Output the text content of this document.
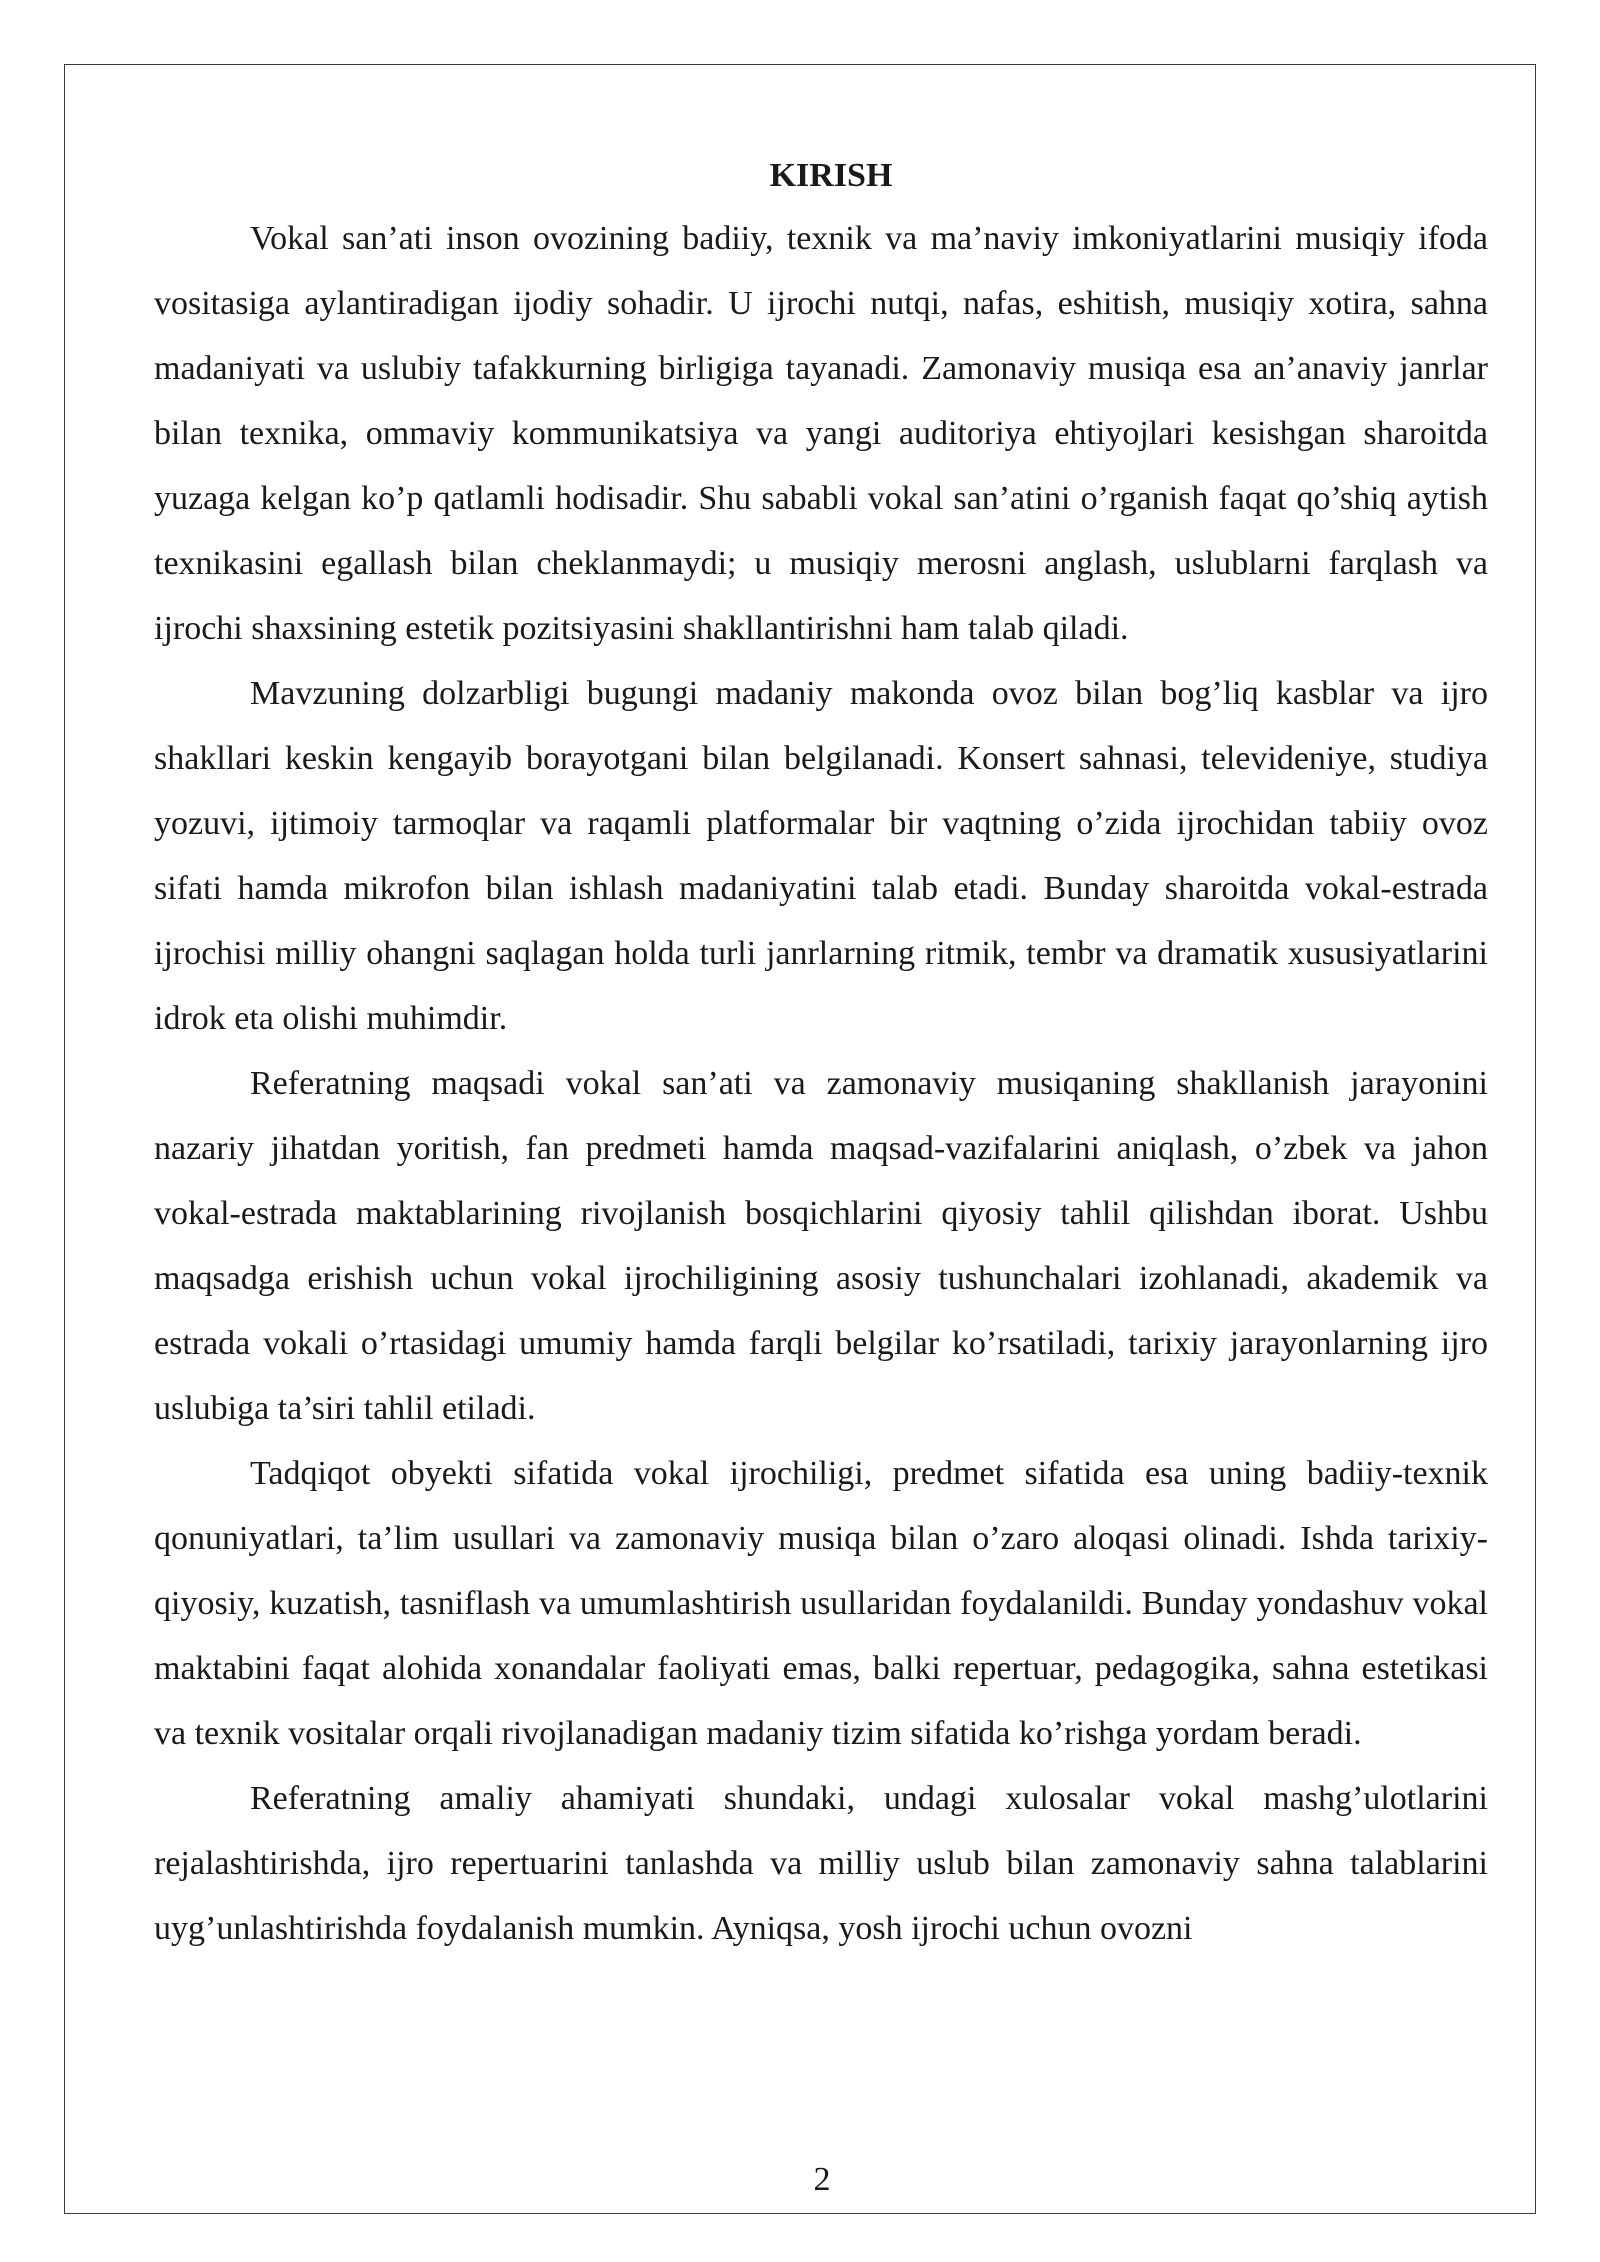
KIRISH

Vokal san’ati inson ovozining badiiy, texnik va ma’naviy imkoniyatlarini musiqiy ifoda vositasiga aylantiradigan ijodiy sohadir. U ijrochi nutqi, nafas, eshitish, musiqiy xotira, sahna madaniyati va uslubiy tafakkurning birligiga tayanadi. Zamonaviy musiqa esa an’anaviy janrlar bilan texnika, ommaviy kommunikatsiya va yangi auditoriya ehtiyojlari kesishgan sharoitda yuzaga kelgan ko’p qatlamli hodisadir. Shu sababli vokal san’atini o’rganish faqat qo’shiq aytish texnikasini egallash bilan cheklanmaydi; u musiqiy merosni anglash, uslublarni farqlash va ijrochi shaxsining estetik pozitsiyasini shakllantirishni ham talab qiladi.

Mavzuning dolzarbligi bugungi madaniy makonda ovoz bilan bog’liq kasblar va ijro shakllari keskin kengayib borayotgani bilan belgilanadi. Konsert sahnasi, televideniye, studiya yozuvi, ijtimoiy tarmoqlar va raqamli platformalar bir vaqtning o’zida ijrochidan tabiiy ovoz sifati hamda mikrofon bilan ishlash madaniyatini talab etadi. Bunday sharoitda vokal-estrada ijrochisi milliy ohangni saqlagan holda turli janrlarning ritmik, tembr va dramatik xususiyatlarini idrok eta olishi muhimdir.

Referatning maqsadi vokal san’ati va zamonaviy musiqaning shakllanish jarayonini nazariy jihatdan yoritish, fan predmeti hamda maqsad-vazifalarini aniqlash, o’zbek va jahon vokal-estrada maktablarining rivojlanish bosqichlarini qiyosiy tahlil qilishdan iborat. Ushbu maqsadga erishish uchun vokal ijrochiligining asosiy tushunchalari izohlanadi, akademik va estrada vokali o’rtasidagi umumiy hamda farqli belgilar ko’rsatiladi, tarixiy jarayonlarning ijro uslubiga ta’siri tahlil etiladi.

Tadqiqot obyekti sifatida vokal ijrochiligi, predmet sifatida esa uning badiiy-texnik qonuniyatlari, ta’lim usullari va zamonaviy musiqa bilan o’zaro aloqasi olinadi. Ishda tarixiy-qiyosiy, kuzatish, tasniflash va umumlashtirish usullaridan foydalanildi. Bunday yondashuv vokal maktabini faqat alohida xonandalar faoliyati emas, balki repertuar, pedagogika, sahna estetikasi va texnik vositalar orqali rivojlanadigan madaniy tizim sifatida ko’rishga yordam beradi.

Referatning amaliy ahamiyati shundaki, undagi xulosalar vokal mashg’ulotlarini rejalashtirishda, ijro repertuarini tanlashda va milliy uslub bilan zamonaviy sahna talablarini uyg’unlashtirishda foydalanish mumkin. Ayniqsa, yosh ijrochi uchun ovozni

2
